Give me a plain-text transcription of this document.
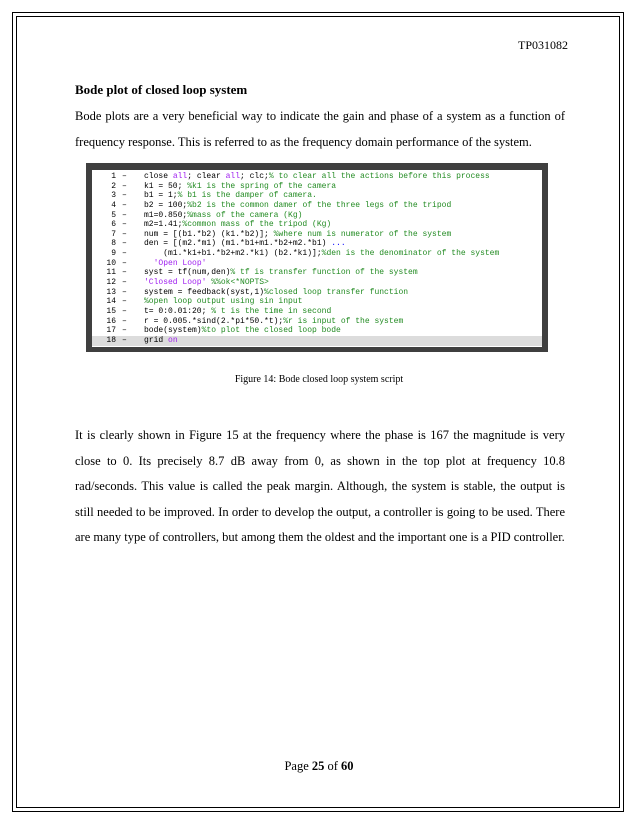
TP031082
Bode plot of closed loop system

Bode plots are a very beneficial way to indicate the gain and phase of a system as a function of frequency response. This is referred to as the frequency domain performance of the system.

1 –	close all; clear all; clc;% to clear all the actions before this process
2 –	k1 = 50; %k1 is the spring of the camera
3 –	b1 = 1;% b1 is the damper of camera.
4 –	b2 = 100;%b2 is the common damer of the three legs of the tripod
5 –	m1=0.850;%mass of the camera (Kg)
6 –	m2=1.41;%common mass of the tripod (Kg)
7 –	num = [(b1.*b2) (k1.*b2)]; %where num is numerator of the system
8 –	den = [(m2.*m1) (m1.*b1+m1.*b2+m2.*b1) ...
9 –	(m1.*k1+b1.*b2+m2.*k1) (b2.*k1)];%den is the denominator of the system
10 –	'Open Loop'
11 –	syst = tf(num,den)% tf is transfer function of the system
12 –	'Closed Loop' %%ok<*NOPTS>
13 –	system = feedback(syst,1)%closed loop transfer function
14 –	%open loop output using sin input
15 –	t= 0:0.01:20; % t is the time in second
16 –	r = 0.005.*sind(2.*pi*50.*t);%r is input of the system
17 –	bode(system)%to plot the closed loop bode
18 –	grid on
Figure 14: Bode closed loop system script

It is clearly shown in Figure 15 at the frequency where the phase is 167 the magnitude is very close to 0. Its precisely 8.7 dB away from 0, as shown in the top plot at frequency 10.8 rad/seconds. This value is called the peak margin. Although, the system is stable, the output is still needed to be improved. In order to develop the output, a controller is going to be used. There are many type of controllers, but among them the oldest and the important one is a PID controller.

Page 25 of 60
